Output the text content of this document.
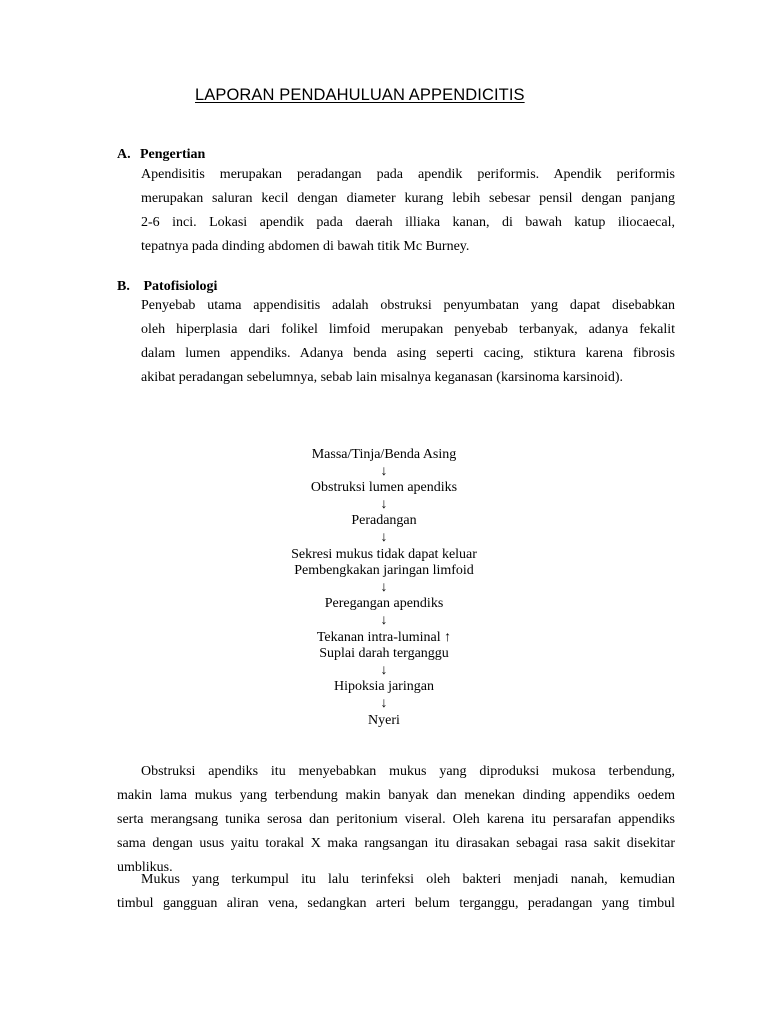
LAPORAN PENDAHULUAN APPENDICITIS
A. Pengertian
Apendisitis merupakan peradangan pada apendik periformis. Apendik periformis
merupakan saluran kecil dengan diameter kurang lebih sebesar pensil dengan panjang
2-6 inci. Lokasi apendik pada daerah illiaka kanan, di bawah katup iliocaecal,
tepatnya pada dinding abdomen di bawah titik Mc Burney.
B. Patofisiologi
Penyebab utama appendisitis adalah obstruksi penyumbatan yang dapat disebabkan
oleh hiperplasia dari folikel limfoid merupakan penyebab terbanyak, adanya fekalit
dalam lumen appendiks. Adanya benda asing seperti cacing, stiktura karena fibrosis
akibat peradangan sebelumnya, sebab lain misalnya keganasan (karsinoma karsinoid).
Massa/Tinja/Benda Asing
↓
Obstruksi lumen apendiks
↓
Peradangan
↓
Sekresi mukus tidak dapat keluar
Pembengkakan jaringan limfoid
↓
Peregangan apendiks
↓
Tekanan intra-luminal ↑
Suplai darah terganggu
↓
Hipoksia jaringan
↓
Nyeri
Obstruksi apendiks itu menyebabkan mukus yang diproduksi mukosa terbendung,
makin lama mukus yang terbendung makin banyak dan menekan dinding appendiks oedem
serta merangsang tunika serosa dan peritonium viseral. Oleh karena itu persarafan appendiks
sama dengan usus yaitu torakal X maka rangsangan itu dirasakan sebagai rasa sakit disekitar
umblikus.
Mukus yang terkumpul itu lalu terinfeksi oleh bakteri menjadi nanah, kemudian
timbul gangguan aliran vena, sedangkan arteri belum terganggu, peradangan yang timbul
